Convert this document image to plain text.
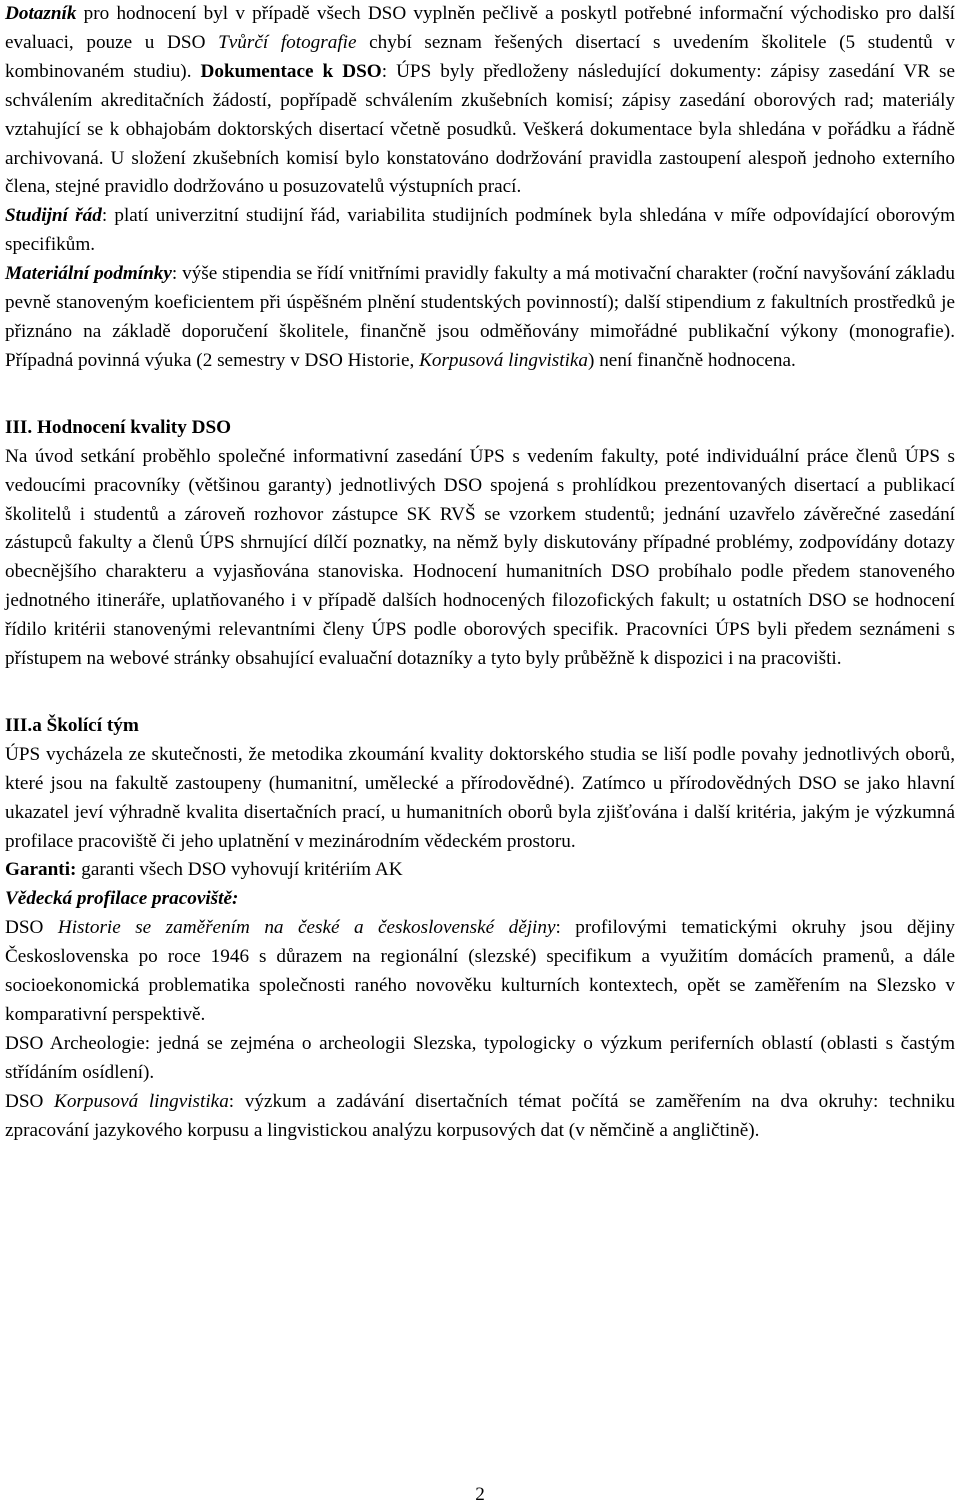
Dotazník pro hodnocení byl v případě všech DSO vyplněn pečlivě a poskytl potřebné informační východisko pro další evaluaci, pouze u DSO Tvůrčí fotografie chybí seznam řešených disertací s uvedením školitele (5 studentů v kombinovaném studiu). Dokumentace k DSO: ÚPS byly předloženy následující dokumenty: zápisy zasedání VR se schválením akreditačních žádostí, popřípadě schválením zkušebních komisí; zápisy zasedání oborových rad; materiály vztahující se k obhajobám doktorských disertací včetně posudků. Veškerá dokumentace byla shledána v pořádku a řádně archivovaná. U složení zkušebních komisí bylo konstatováno dodržování pravidla zastoupení alespoň jednoho externího člena, stejné pravidlo dodržováno u posuzovatelů výstupních prací.

Studijní řád: platí univerzitní studijní řád, variabilita studijních podmínek byla shledána v míře odpovídající oborovým specifikům.

Materiální podmínky: výše stipendia se řídí vnitřními pravidly fakulty a má motivační charakter (roční navyšování základu pevně stanoveným koeficientem při úspěšném plnění studentských povinností); další stipendium z fakultních prostředků je přiznáno na základě doporučení školitele, finančně jsou odměňovány mimořádné publikační výkony (monografie). Případná povinná výuka (2 semestry v DSO Historie, Korpusová lingvistika) není finančně hodnocena.

III. Hodnocení kvality DSO

Na úvod setkání proběhlo společné informativní zasedání ÚPS s vedením fakulty, poté individuální práce členů ÚPS s vedoucími pracovníky (většinou garanty) jednotlivých DSO spojená s prohlídkou prezentovaných disertací a publikací školitelů i studentů a zároveň rozhovor zástupce SK RVŠ se vzorkem studentů; jednání uzavřelo závěrečné zasedání zástupců fakulty a členů ÚPS shrnující dílčí poznatky, na němž byly diskutovány případné problémy, zodpovídány dotazy obecnějšího charakteru a vyjasňována stanoviska. Hodnocení humanitních DSO probíhalo podle předem stanoveného jednotného itineráře, uplatňovaného i v případě dalších hodnocených filozofických fakult; u ostatních DSO se hodnocení řídilo kritérii stanovenými relevantními členy ÚPS podle oborových specifik. Pracovníci ÚPS byli předem seznámeni s přístupem na webové stránky obsahující evaluační dotazníky a tyto byly průběžně k dispozici i na pracovišti.

III.a Školící tým

ÚPS vycházela ze skutečnosti, že metodika zkoumání kvality doktorského studia se liší podle povahy jednotlivých oborů, které jsou na fakultě zastoupeny (humanitní, umělecké a přírodovědné). Zatímco u přírodovědných DSO se jako hlavní ukazatel jeví výhradně kvalita disertačních prací, u humanitních oborů byla zjišťována i další kritéria, jakým je výzkumná profilace pracoviště či jeho uplatnění v mezinárodním vědeckém prostoru.

Garanti: garanti všech DSO vyhovují kritériím AK

Vědecká profilace pracoviště:

DSO Historie se zaměřením na české a československé dějiny: profilovými tematickými okruhy jsou dějiny Československa po roce 1946 s důrazem na regionální (slezské) specifikum a využitím domácích pramenů, a dále socioekonomická problematika společnosti raného novověku kulturních kontextech, opět se zaměřením na Slezsko v komparativní perspektivě.

DSO Archeologie: jedná se zejména o archeologii Slezska, typologicky o výzkum periferních oblastí (oblasti s častým střídáním osídlení).

DSO Korpusová lingvistika: výzkum a zadávání disertačních témat počítá se zaměřením na dva okruhy: techniku zpracování jazykového korpusu a lingvistickou analýzu korpusových dat (v němčině a angličtině).

2
